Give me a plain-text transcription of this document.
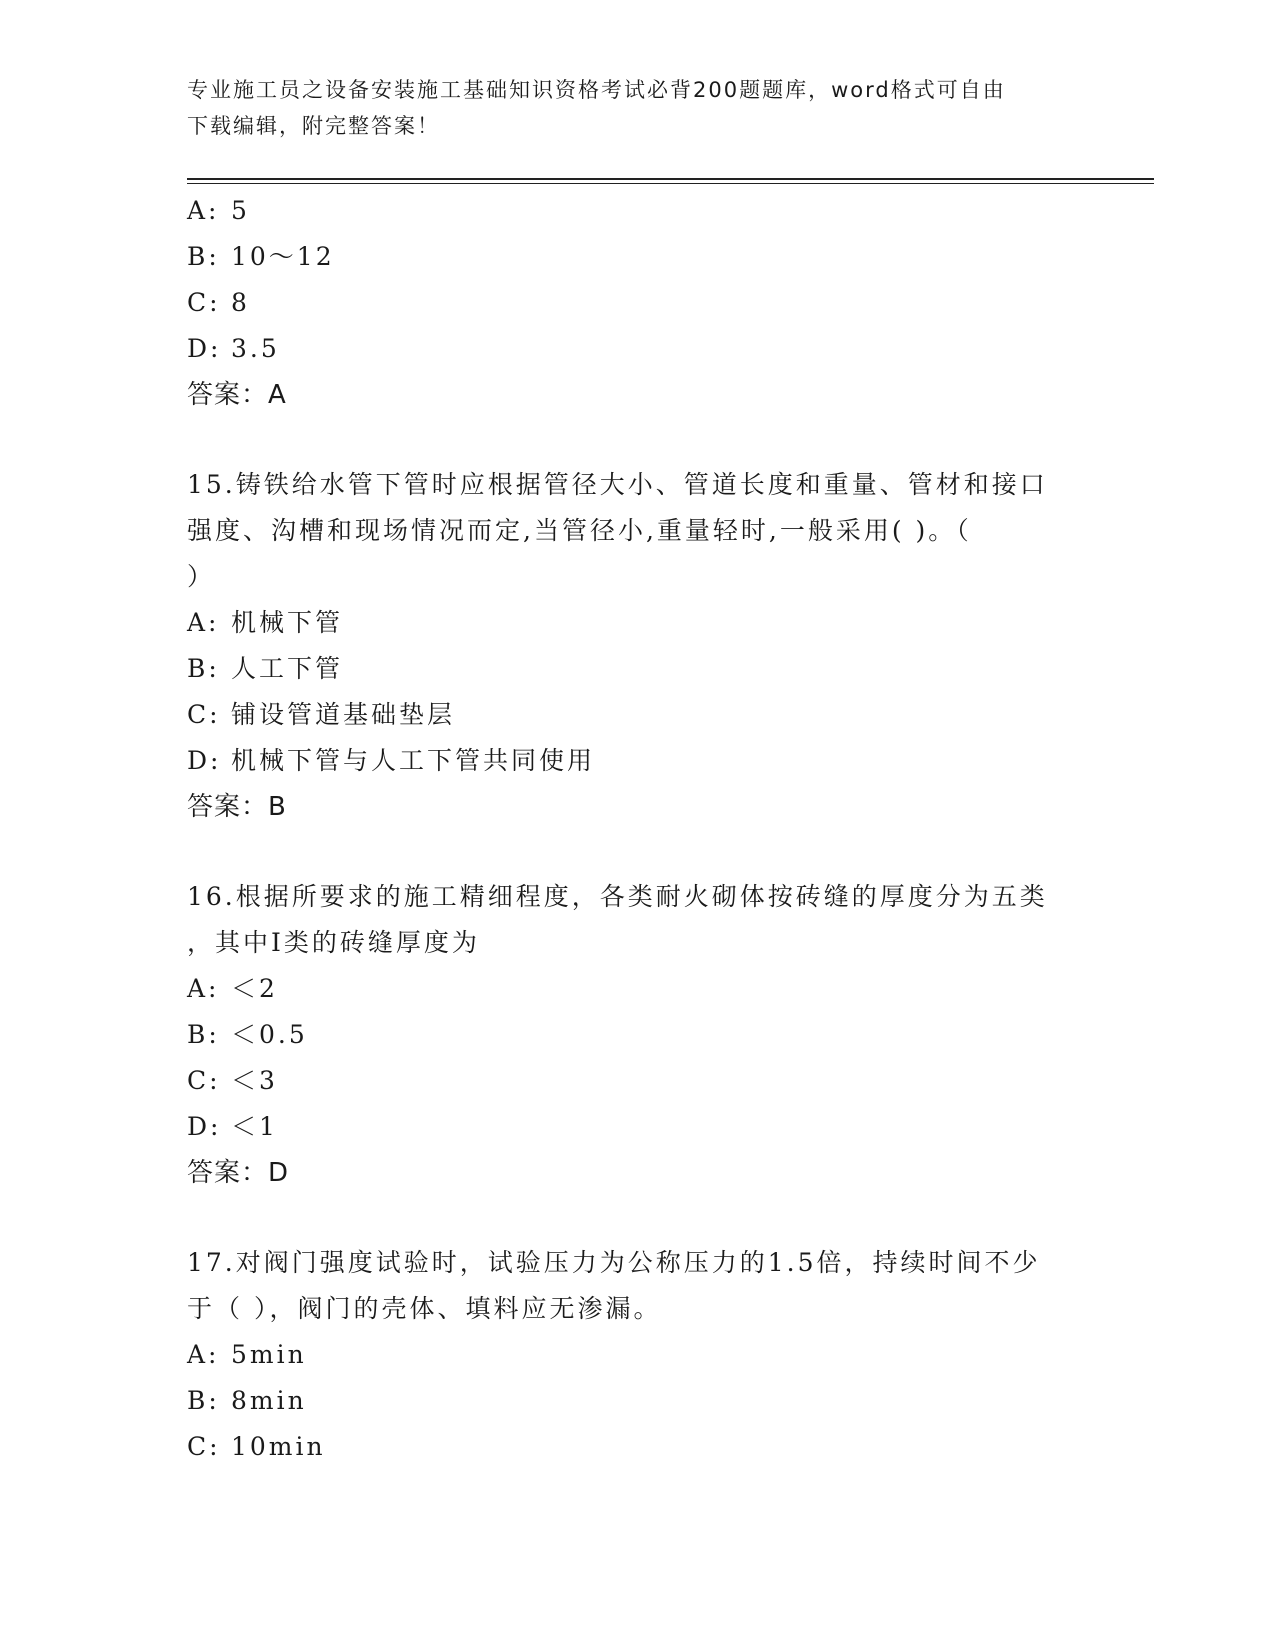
专业施工员之设备安装施工基础知识资格考试必背200题题库，word格式可自由
下载编辑，附完整答案！
A: 5
B: 10～12
C: 8
D: 3.5
答案：A
15.铸铁给水管下管时应根据管径大小、管道长度和重量、管材和接口
强度、沟槽和现场情况而定,当管径小,重量轻时,一般采用( )。（
）
A: 机械下管
B: 人工下管
C: 铺设管道基础垫层
D: 机械下管与人工下管共同使用
答案：B
16.根据所要求的施工精细程度，各类耐火砌体按砖缝的厚度分为五类
，其中Ⅰ类的砖缝厚度为
A: ＜2
B: ＜0.5
C: ＜3
D: ＜1
答案：D
17.对阀门强度试验时，试验压力为公称压力的1.5倍，持续时间不少
于（ ），阀门的壳体、填料应无渗漏。
A: 5min
B: 8min
C: 10min
